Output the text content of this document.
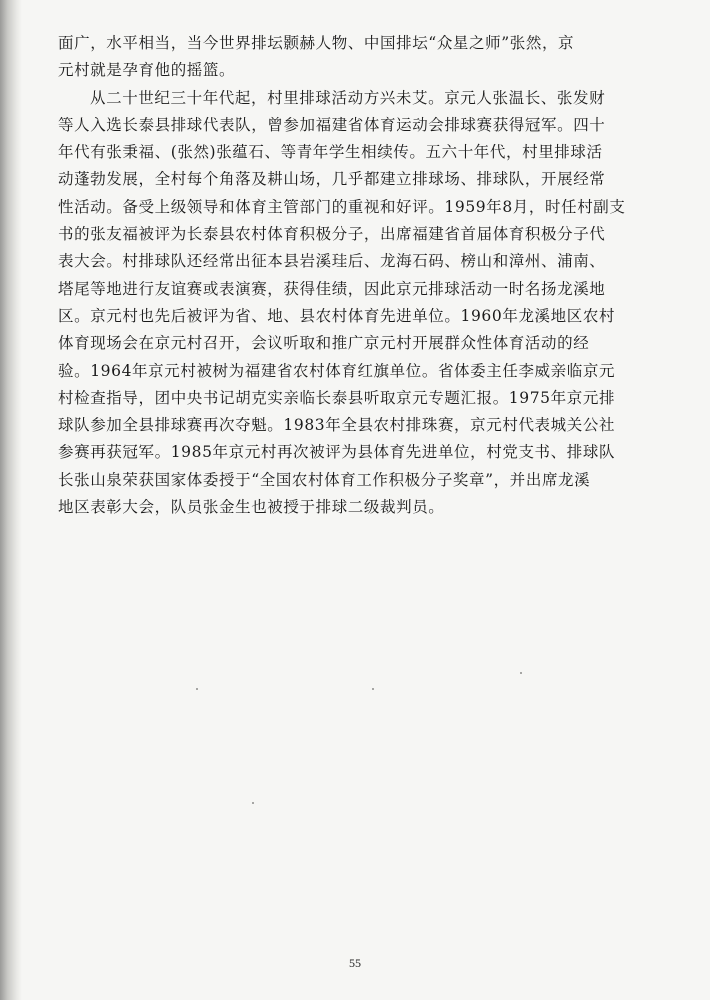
面广，水平相当，当今世界排坛颢赫人物、中国排坛“众星之师”张然，京
元村就是孕育他的摇篮。
从二十世纪三十年代起，村里排球活动方兴未艾。京元人张温长、张发财
等人入选长泰县排球代表队，曾参加福建省体育运动会排球赛获得冠军。四十
年代有张秉福、(张然)张蕴石、等青年学生相续传。五六十年代，村里排球活
动蓬勃发展，全村每个角落及耕山场，几乎都建立排球场、排球队，开展经常
性活动。备受上级领导和体育主管部门的重视和好评。1959年8月，时任村副支
书的张友福被评为长泰县农村体育积极分子，出席福建省首届体育积极分子代
表大会。村排球队还经常出征本县岩溪珪后、龙海石码、榜山和漳州、浦南、
塔尾等地进行友谊赛或表演赛，获得佳绩，因此京元排球活动一时名扬龙溪地
区。京元村也先后被评为省、地、县农村体育先进单位。1960年龙溪地区农村
体育现场会在京元村召开，会议听取和推广京元村开展群众性体育活动的经
验。1964年京元村被树为福建省农村体育红旗单位。省体委主任李威亲临京元
村检查指导，团中央书记胡克实亲临长泰县听取京元专题汇报。1975年京元排
球队参加全县排球赛再次夺魁。1983年全县农村排珠赛，京元村代表城关公社
参赛再获冠军。1985年京元村再次被评为县体育先进单位，村党支书、排球队
长张山泉荣获国家体委授于“全国农村体育工作积极分子奖章”，并出席龙溪
地区表彰大会，队员张金生也被授于排球二级裁判员。
55
